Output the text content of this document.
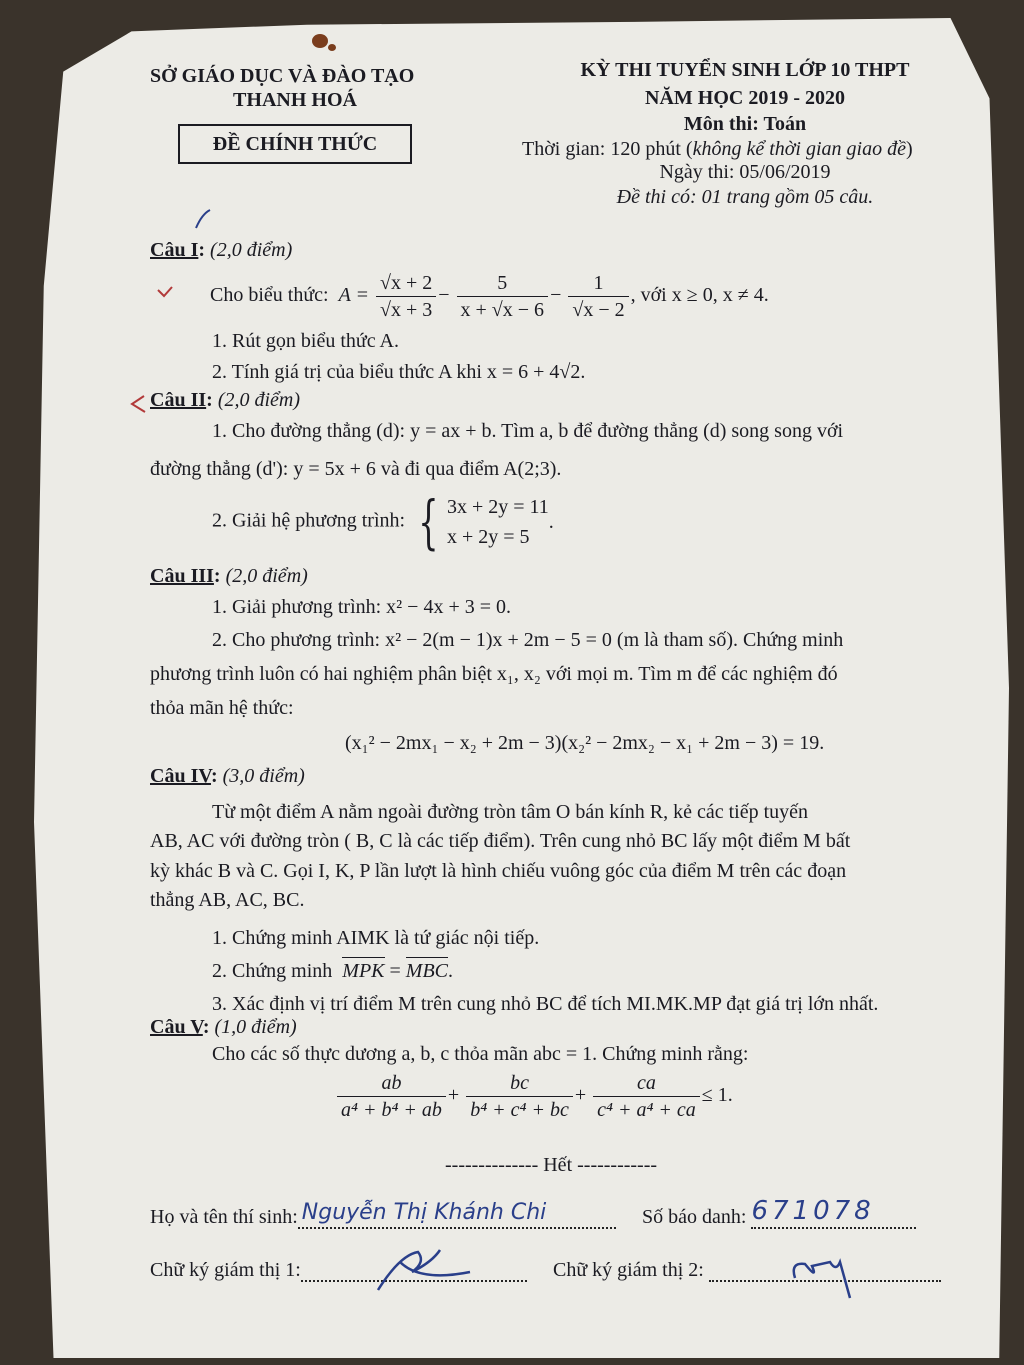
SỞ GIÁO DỤC VÀ ĐÀO TẠO
THANH HOÁ
ĐỀ CHÍNH THỨC
KỲ THI TUYỂN SINH LỚP 10 THPT
NĂM HỌC 2019 - 2020
Môn thi: Toán
Thời gian: 120 phút (không kể thời gian giao đề)
Ngày thi: 05/06/2019
Đề thi có: 01 trang gồm 05 câu.
Câu I: (2,0 điểm)
Cho biểu thức: $A = \frac{√x + 2}{√x + 3} - \frac{5}{x + √x - 6} - \frac{1}{√x - 2}$ , với x ≥ 0, x ≠ 4.
1. Rút gọn biểu thức A.
2. Tính giá trị của biểu thức A khi x = 6 + 4√2.
Câu II: (2,0 điểm)
1. Cho đường thẳng (d): y = ax + b. Tìm a, b để đường thẳng (d) song song với
đường thẳng (d'): y = 5x + 6 và đi qua điểm A(2;3).
2. Giải hệ phương trình: { 3x + 2y = 11
x + 2y = 5
.
Câu III: (2,0 điểm)
1. Giải phương trình: x² − 4x + 3 = 0.
2. Cho phương trình: x² − 2(m − 1)x + 2m − 5 = 0 (m là tham số). Chứng minh
phương trình luôn có hai nghiệm phân biệt x₁, x₂ với mọi m. Tìm m để các nghiệm đó
thỏa mãn hệ thức:
(x₁² − 2mx₁ − x₂ + 2m − 3)(x₂² − 2mx₂ − x₁ + 2m − 3) = 19.
Câu IV: (3,0 điểm)
Từ một điểm A nằm ngoài đường tròn tâm O bán kính R, kẻ các tiếp tuyến
AB, AC với đường tròn ( B, C là các tiếp điểm). Trên cung nhỏ BC lấy một điểm M bất
kỳ khác B và C. Gọi I, K, P lần lượt là hình chiếu vuông góc của điểm M trên các đoạn
thẳng AB, AC, BC.
1. Chứng minh AIMK là tứ giác nội tiếp.
2. Chứng minh MPK = MBC.
3. Xác định vị trí điểm M trên cung nhỏ BC để tích MI.MK.MP đạt giá trị lớn nhất.
Câu V: (1,0 điểm)
Cho các số thực dương a, b, c thỏa mãn abc = 1. Chứng minh rằng:
$\frac{ab}{\text{a⁴ + b⁴ + ab}} + \frac{bc}{\text{b⁴ + c⁴ + bc}} + \frac{ca}{\text{c⁴ + a⁴ + ca}} \le 1$.
-------------- Hết ------------
Họ và tên thí sinh: Nguyễn Thị Khánh Chi	Số báo danh: 671078
Chữ ký giám thị 1:	Chữ ký giám thị 2:
